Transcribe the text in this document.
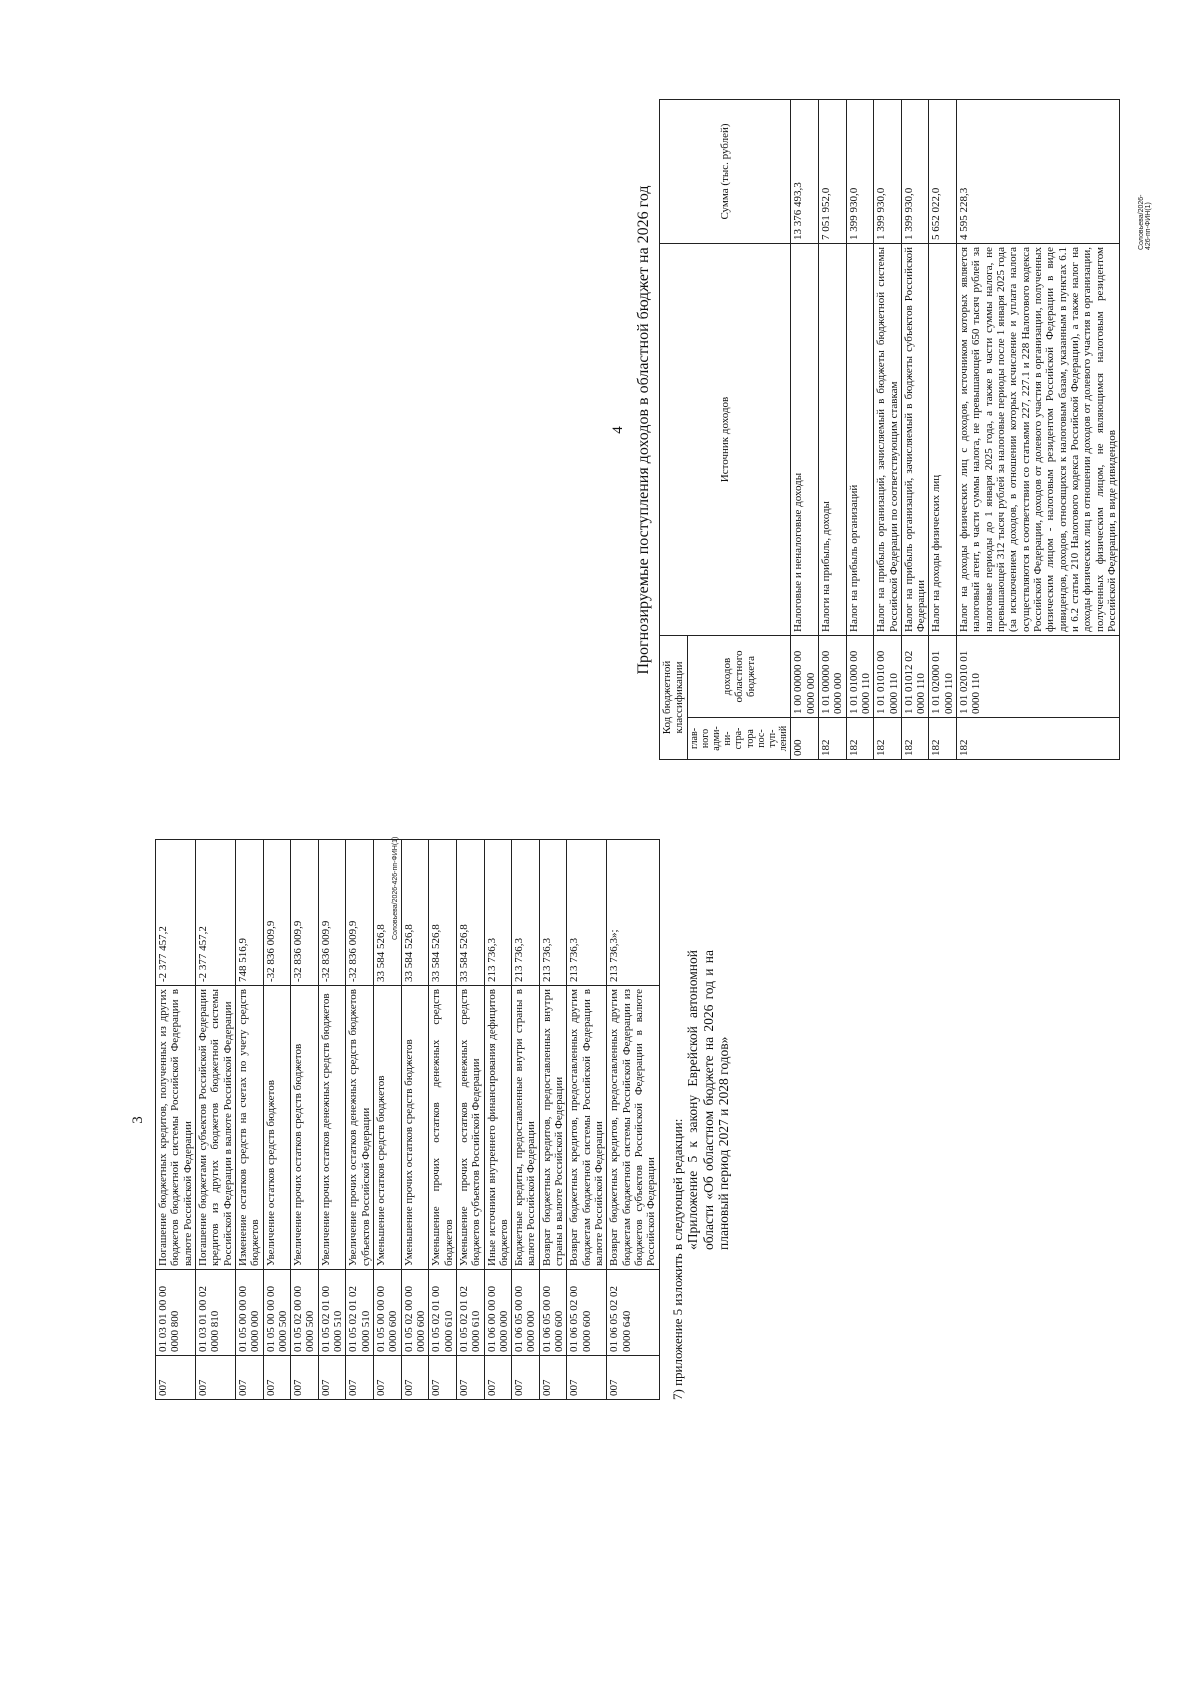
3
007	01 03 01 00 00 0000 800	Погашение бюджетных кредитов, полученных из других бюджетов бюджетной системы Российской Федерации в валюте Российской Федерации	-2 377 457,2
007	01 03 01 00 02 0000 810	Погашение бюджетами субъектов Российской Федерации кредитов из других бюджетов бюджетной системы Российской Федерации в валюте Российской Федерации	-2 377 457,2
007	01 05 00 00 00 0000 000	Изменение остатков средств на счетах по учету средств бюджетов	748 516,9
007	01 05 00 00 00 0000 500	Увеличение остатков средств бюджетов	-32 836 009,9
007	01 05 02 00 00 0000 500	Увеличение прочих остатков средств бюджетов	-32 836 009,9
007	01 05 02 01 00 0000 510	Увеличение прочих остатков денежных средств бюджетов	-32 836 009,9
007	01 05 02 01 02 0000 510	Увеличение прочих остатков денежных средств бюджетов субъектов Российской Федерации	-32 836 009,9
007	01 05 00 00 00 0000 600	Уменьшение остатков средств бюджетов	33 584 526,8
007	01 05 02 00 00 0000 600	Уменьшение прочих остатков средств бюджетов	33 584 526,8
007	01 05 02 01 00 0000 610	Уменьшение прочих остатков денежных средств бюджетов	33 584 526,8
007	01 05 02 01 02 0000 610	Уменьшение прочих остатков денежных средств бюджетов субъектов Российской Федерации	33 584 526,8
007	01 06 00 00 00 0000 000	Иные источники внутреннего финансирования дефицитов бюджетов	213 736,3
007	01 06 05 00 00 0000 000	Бюджетные кредиты, предоставленные внутри страны в валюте Российской Федерации	213 736,3
007	01 06 05 00 00 0000 600	Возврат бюджетных кредитов, предоставленных внутри страны в валюте Российской Федерации	213 736,3
007	01 06 05 02 00 0000 600	Возврат бюджетных кредитов, предоставленных другим бюджетам бюджетной системы Российской Федерации в валюте Российской Федерации	213 736,3
007	01 06 05 02 02 0000 640	Возврат бюджетных кредитов, предоставленных другим бюджетам бюджетной системы Российской Федерации из бюджетов субъектов Российской Федерации в валюте Российской Федерации	213 736,3»;
7) приложение 5 изложить в следующей редакции:
«Приложение 5 к закону Еврейской автономной области «Об областном бюджете на 2026 год и на плановый период 2027 и 2028 годов»
Соловьева/2026-426-пп-ФИН(1)
4 Прогнозируемые поступления доходов в областной бюджет на 2026 год
Код бюджетной классификации		Источник доходов	Сумма (тыс. рублей)
глав-ного адми-ни-стра-тора пос-туп-лений	доходов областного бюджета		
000	1 00 00000 00 0000 000	Налоговые и неналоговые доходы	13 376 493,3
182	1 01 00000 00 0000 000	Налоги на прибыль, доходы	7 051 952,0
182	1 01 01000 00 0000 110	Налог на прибыль организаций	1 399 930,0
182	1 01 01010 00 0000 110	Налог на прибыль организаций, зачисляемый в бюджеты бюджетной системы Российской Федерации по соответствующим ставкам	1 399 930,0
182	1 01 01012 02 0000 110	Налог на прибыль организаций, зачисляемый в бюджеты субъектов Российской Федерации	1 399 930,0
182	1 01 02000 01 0000 110	Налог на доходы физических лиц	5 652 022,0
182	1 01 02010 01 0000 110	Налог на доходы физических лиц с доходов, источником которых является налоговый агент, в части суммы налога, не превышающей 650 тысяч рублей за налоговые периоды до 1 января 2025 года, а также в части суммы налога, не превышающей 312 тысяч рублей за налоговые периоды после 1 января 2025 года (за исключением доходов, в отношении которых исчисление и уплата налога осуществляются в соответствии со статьями 227, 227.1 и 228 Налогового кодекса Российской Федерации, доходов от долевого участия в организации, полученных физическим лицом - налоговым резидентом Российской Федерации в виде дивидендов, доходов, относящихся к налоговым базам, указанным в пунктах 6.1 и 6.2 статьи 210 Налогового кодекса Российской Федерации), а также налог на доходы физических лиц в отношении доходов от долевого участия в организации, полученных физическим лицом, не являющимся налоговым резидентом Российской Федерации, в виде дивидендов	4 595 228,3	Соловьева/2026-426-пп-ФИН(1)
